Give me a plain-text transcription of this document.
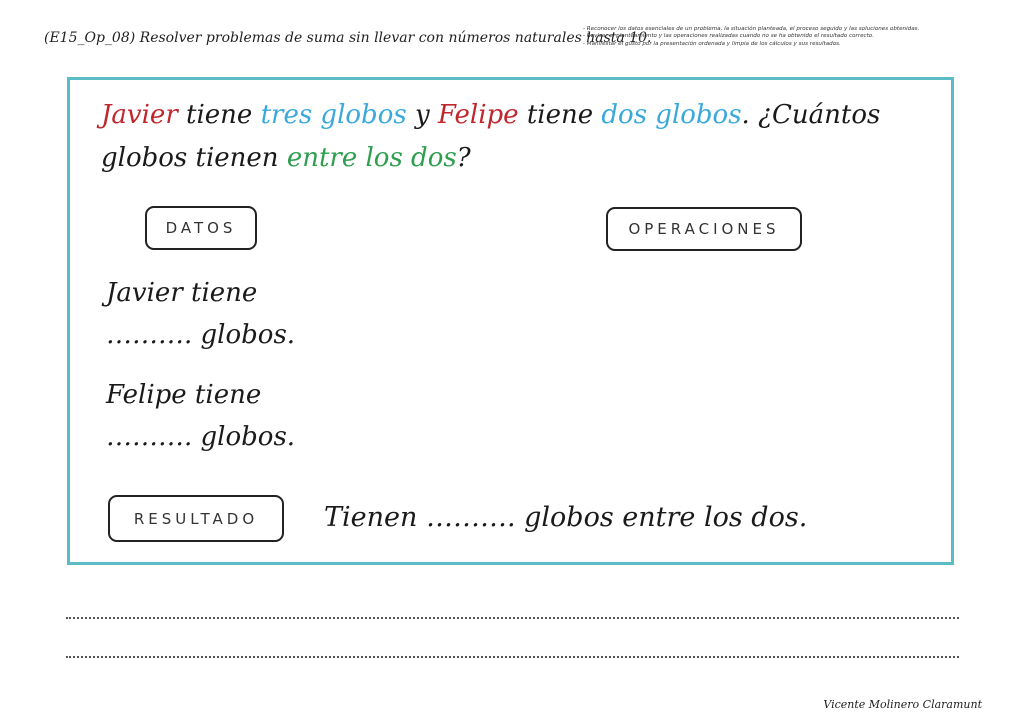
(E15_Op_08) Resolver problemas de suma sin llevar con números naturales hasta 10.
- Reconocer los datos esenciales de un problema, la situación planteada, el proceso seguido y las soluciones obtenidas.
- Revisar el planteamiento y las operaciones realizadas cuando no se ha obtenido el resultado correcto.
- Manifestar el gusto por la presentación ordenada y limpia de los cálculos y sus resultados.
Javier tiene tres globos y Felipe tiene dos globos. ¿Cuántos globos tienen entre los dos?
DATOS	OPERACIONES
RESULTADO
Javier tiene
………. globos.
Felipe tiene
………. globos.
Tienen ………. globos entre los dos.
Vicente Molinero Claramunt
